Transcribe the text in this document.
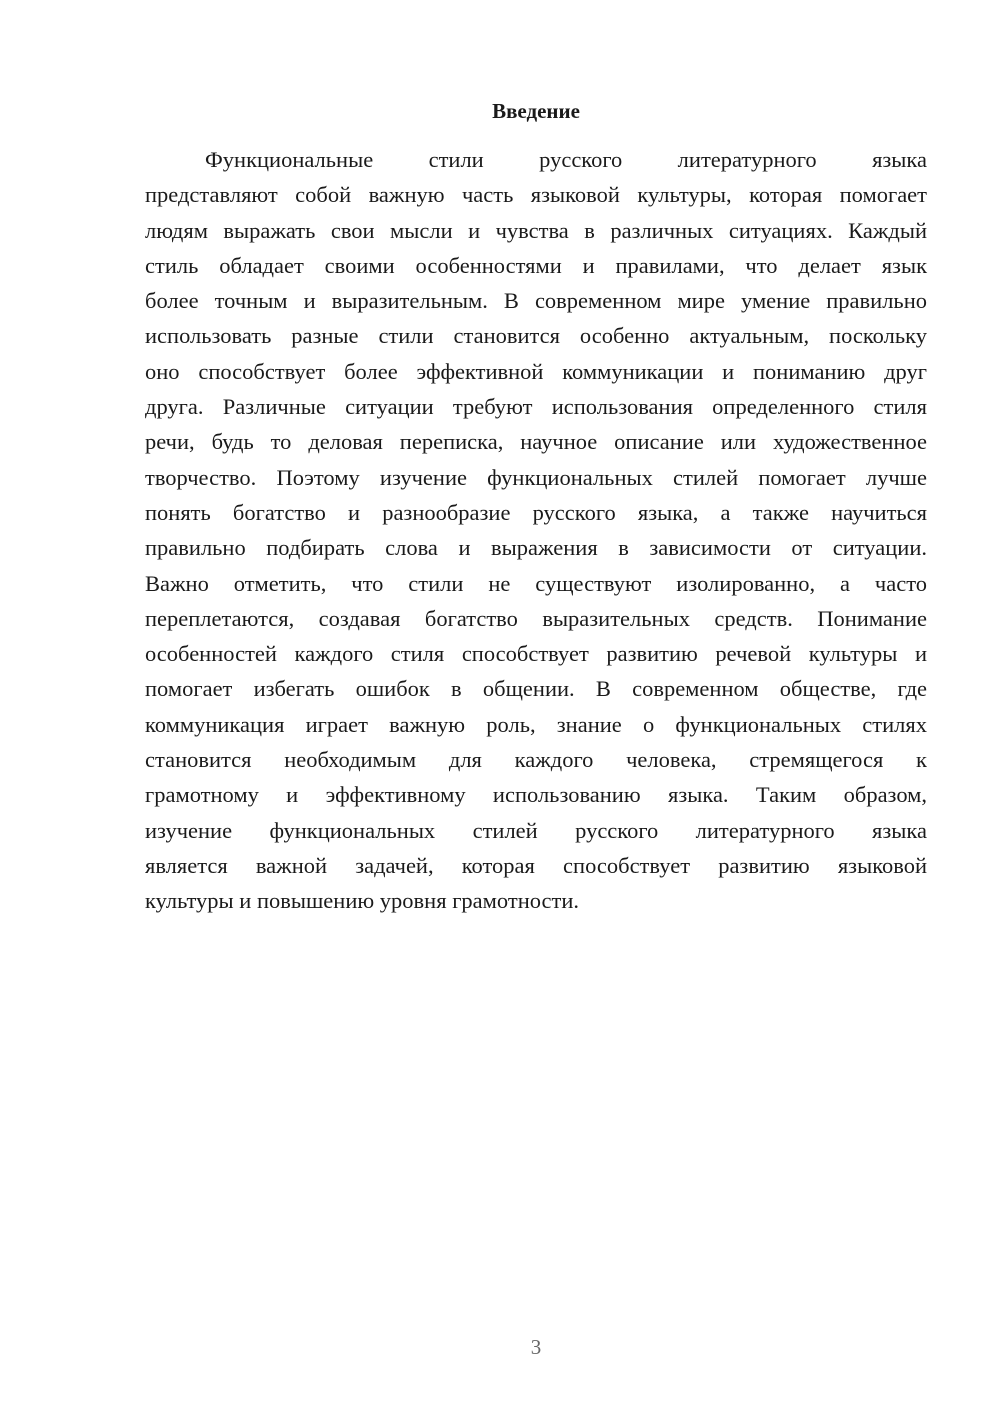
Введение
Функциональные стили русского литературного языка
представляют собой важную часть языковой культуры, которая помогает
людям выражать свои мысли и чувства в различных ситуациях. Каждый
стиль обладает своими особенностями и правилами, что делает язык
более точным и выразительным. В современном мире умение правильно
использовать разные стили становится особенно актуальным, поскольку
оно способствует более эффективной коммуникации и пониманию друг
друга. Различные ситуации требуют использования определенного стиля
речи, будь то деловая переписка, научное описание или художественное
творчество. Поэтому изучение функциональных стилей помогает лучше
понять богатство и разнообразие русского языка, а также научиться
правильно подбирать слова и выражения в зависимости от ситуации.
Важно отметить, что стили не существуют изолированно, а часто
переплетаются, создавая богатство выразительных средств. Понимание
особенностей каждого стиля способствует развитию речевой культуры и
помогает избегать ошибок в общении. В современном обществе, где
коммуникация играет важную роль, знание о функциональных стилях
становится необходимым для каждого человека, стремящегося к
грамотному и эффективному использованию языка. Таким образом,
изучение функциональных стилей русского литературного языка
является важной задачей, которая способствует развитию языковой
культуры и повышению уровня грамотности.
3
